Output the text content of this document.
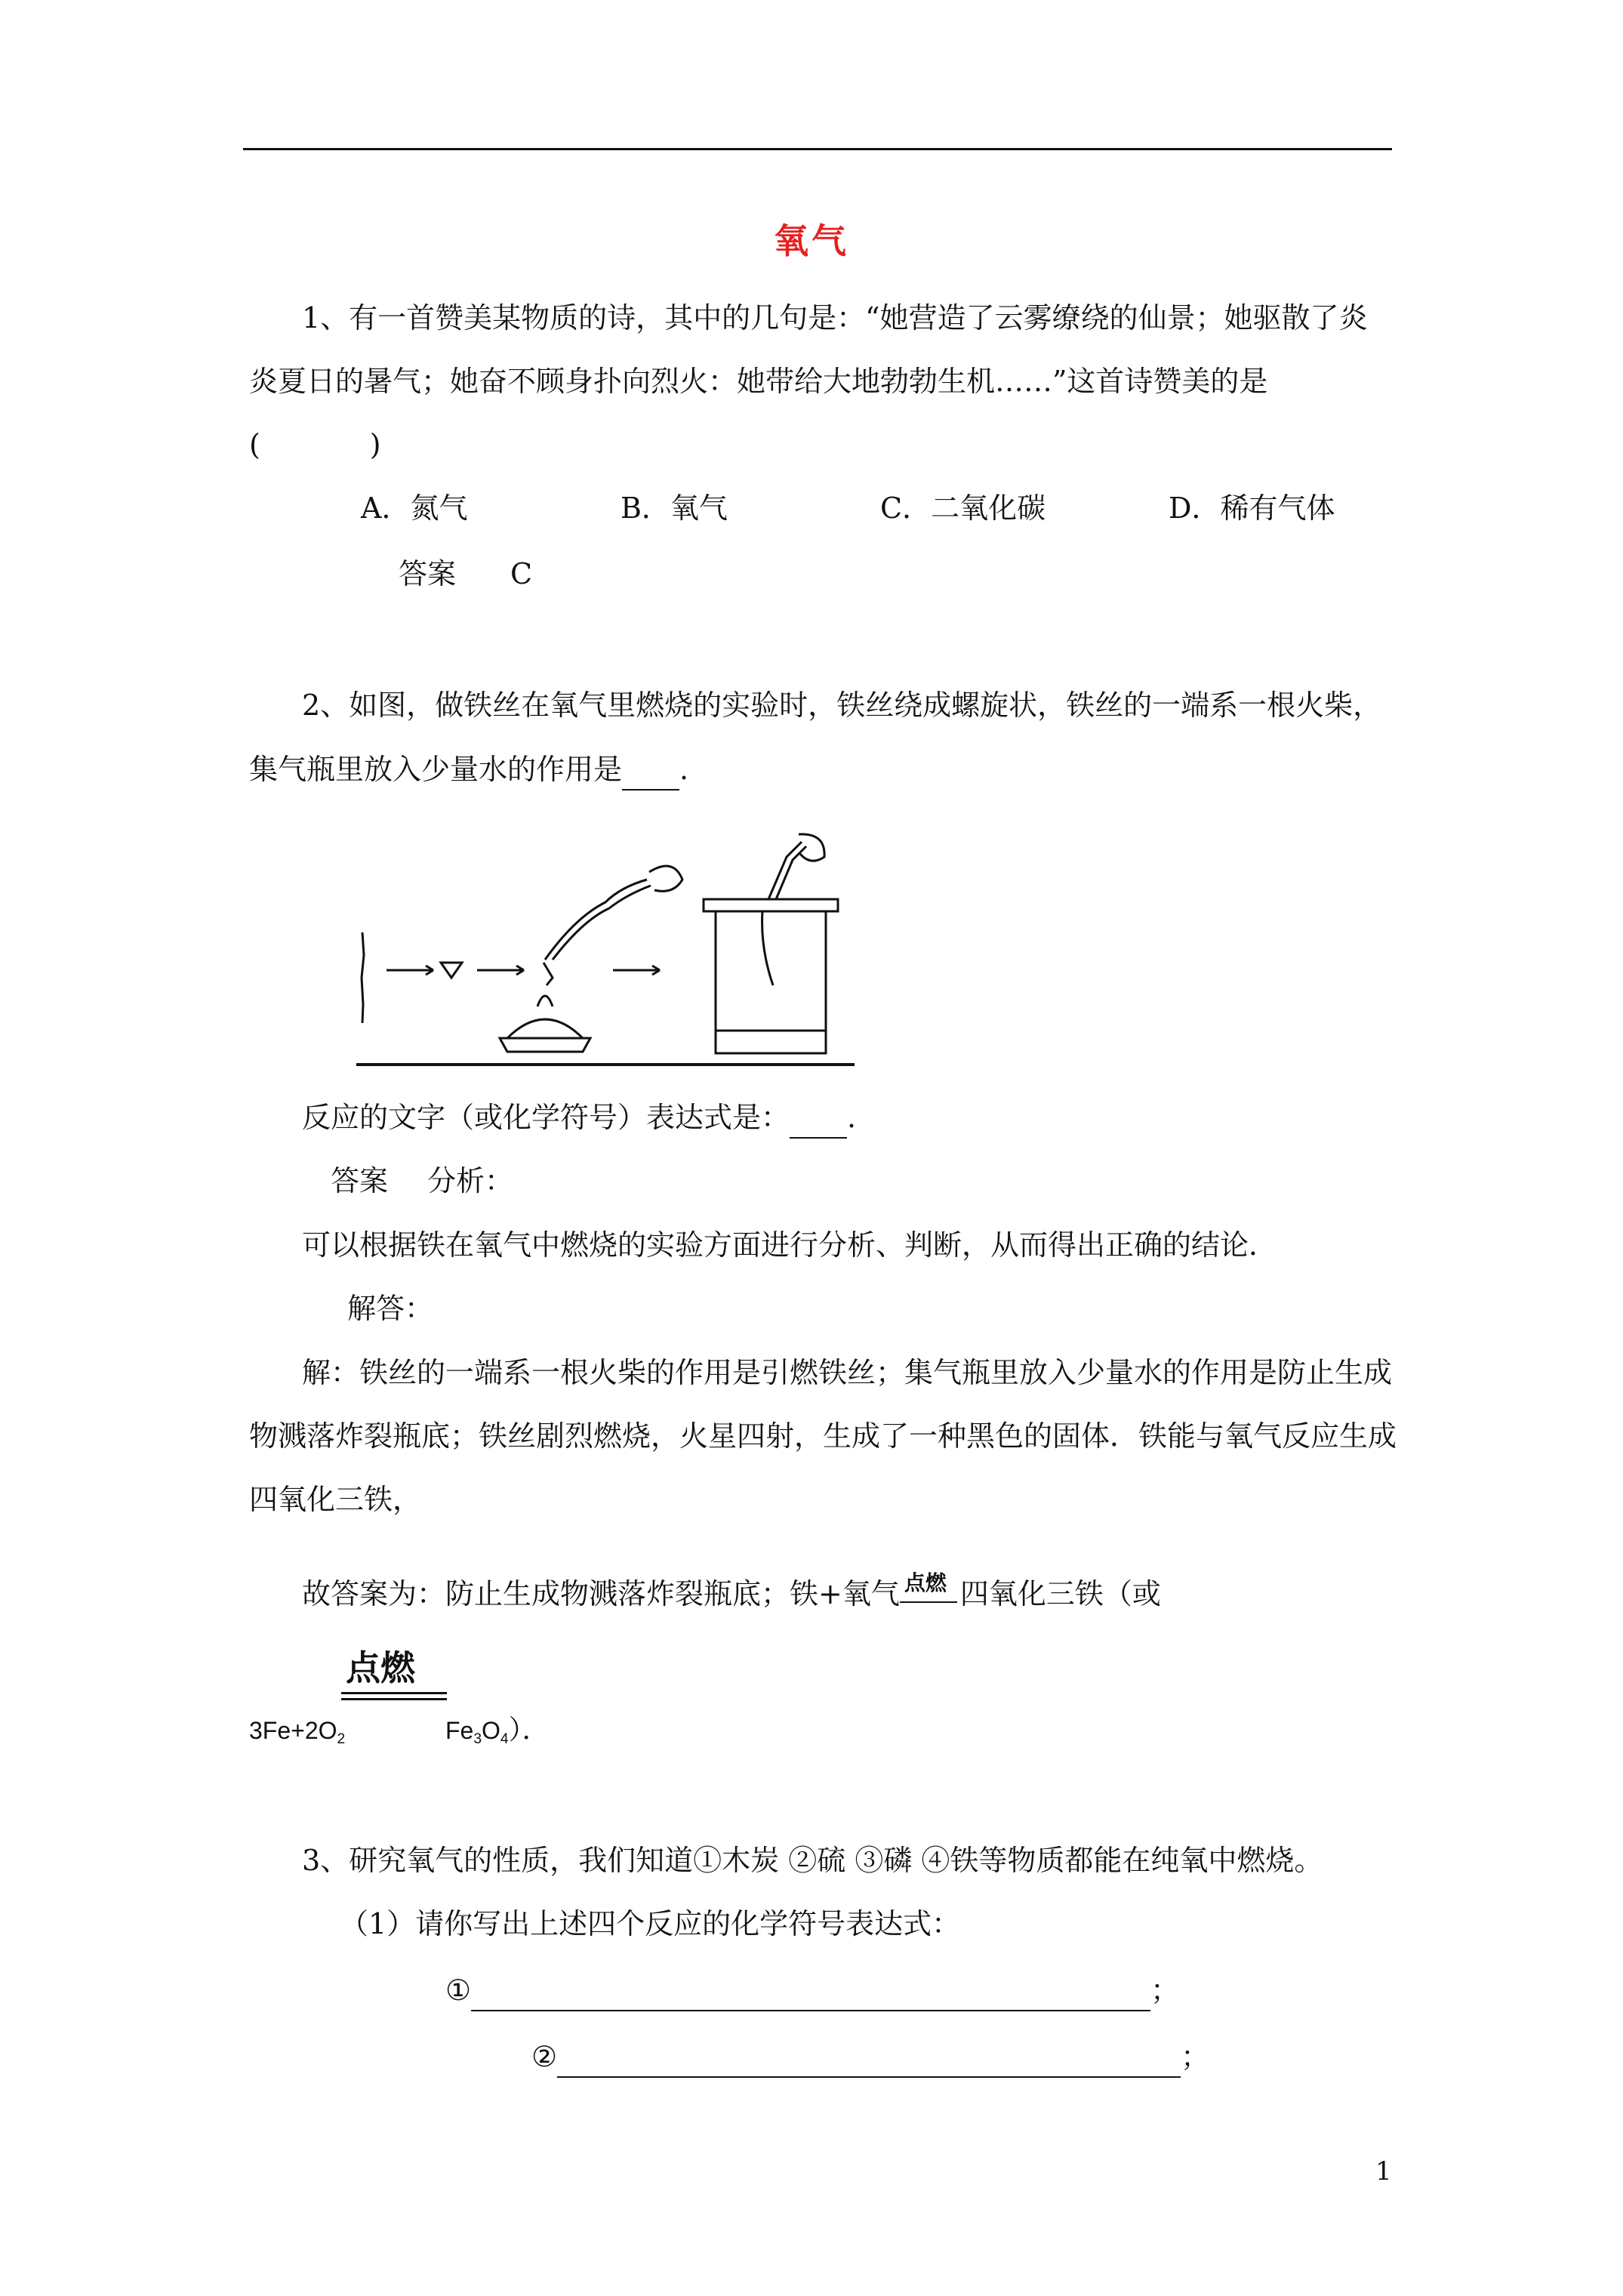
氧气
1、有一首赞美某物质的诗，其中的几句是：“她营造了云雾缭绕的仙景；她驱散了炎
炎夏日的暑气；她奋不顾身扑向烈火：她带给大地勃勃生机……”这首诗赞美的是
(            )
A．氮气	B．氧气	C．二氧化碳	D．稀有气体
答案 C
2、如图，做铁丝在氧气里燃烧的实验时，铁丝绕成螺旋状，铁丝的一端系一根火柴，
集气瓶里放入少量水的作用是 .
反应的文字（或化学符号）表达式是： .
答案 分析：
可以根据铁在氧气中燃烧的实验方面进行分析、判断，从而得出正确的结论．
解答：
解：铁丝的一端系一根火柴的作用是引燃铁丝；集气瓶里放入少量水的作用是防止生成
物溅落炸裂瓶底；铁丝剧烈燃烧，火星四射，生成了一种黑色的固体．铁能与氧气反应生成
四氧化三铁，
故答案为：防止生成物溅落炸裂瓶底；铁+氧气 点燃 四氧化三铁（或
点燃
$3Fe+2O_2$	$Fe_3O_4$）．
3、研究氧气的性质，我们知道①木炭 ②硫 ③磷 ④铁等物质都能在纯氧中燃烧。
（1）请你写出上述四个反应的化学符号表达式：
①	；
②	；
1
